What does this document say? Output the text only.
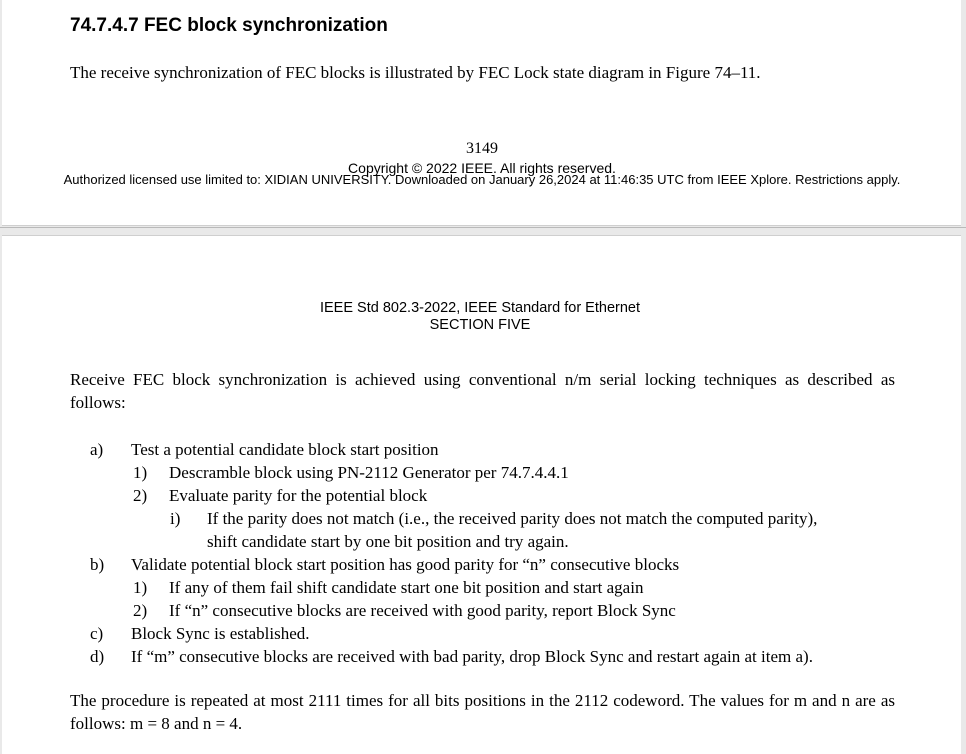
74.7.4.7 FEC block synchronization

The receive synchronization of FEC blocks is illustrated by FEC Lock state diagram in Figure 74–11.

3149

Copyright © 2022 IEEE. All rights reserved.

Authorized licensed use limited to: XIDIAN UNIVERSITY. Downloaded on January 26,2024 at 11:46:35 UTC from IEEE Xplore. Restrictions apply.

IEEE Std 802.3-2022, IEEE Standard for Ethernet
SECTION FIVE

Receive FEC block synchronization is achieved using conventional n/m serial locking techniques as described as follows:

a) Test a potential candidate block start position
1) Descramble block using PN-2112 Generator per 74.7.4.4.1
2) Evaluate parity for the potential block
i) If the parity does not match (i.e., the received parity does not match the computed parity),
shift candidate start by one bit position and try again.
b) Validate potential block start position has good parity for “n” consecutive blocks
1) If any of them fail shift candidate start one bit position and start again
2) If “n” consecutive blocks are received with good parity, report Block Sync
c) Block Sync is established.
d) If “m” consecutive blocks are received with bad parity, drop Block Sync and restart again at item a).

The procedure is repeated at most 2111 times for all bits positions in the 2112 codeword. The values for m and n are as follows: m = 8 and n = 4.
